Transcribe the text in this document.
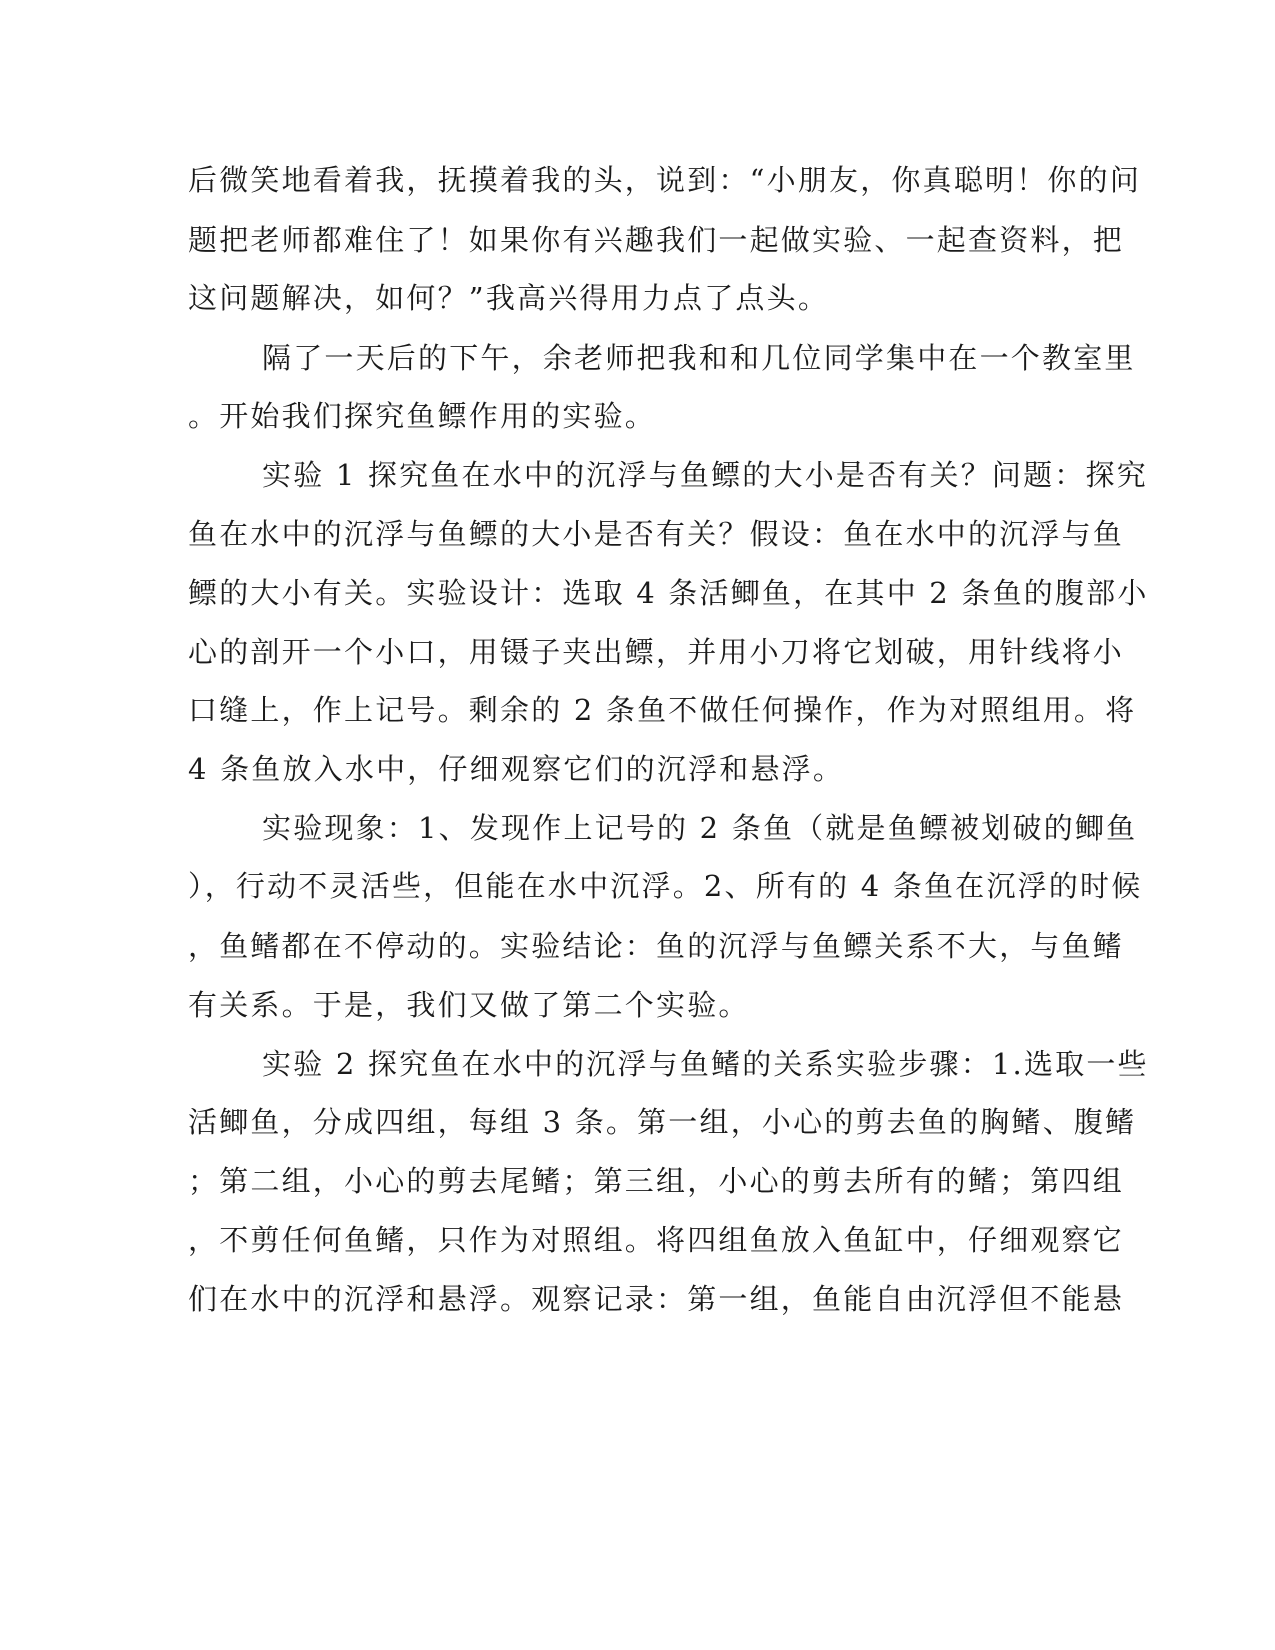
后微笑地看着我，抚摸着我的头，说到：“小朋友，你真聪明！你的问
题把老师都难住了！如果你有兴趣我们一起做实验、一起查资料，把
这问题解决，如何？”我高兴得用力点了点头。
隔了一天后的下午，余老师把我和和几位同学集中在一个教室里
。开始我们探究鱼鳔作用的实验。
实验 1 探究鱼在水中的沉浮与鱼鳔的大小是否有关？问题：探究
鱼在水中的沉浮与鱼鳔的大小是否有关？假设：鱼在水中的沉浮与鱼
鳔的大小有关。实验设计：选取 4 条活鲫鱼，在其中 2 条鱼的腹部小
心的剖开一个小口，用镊子夹出鳔，并用小刀将它划破，用针线将小
口缝上，作上记号。剩余的 2 条鱼不做任何操作，作为对照组用。将
4 条鱼放入水中，仔细观察它们的沉浮和悬浮。
实验现象：1、发现作上记号的 2 条鱼（就是鱼鳔被划破的鲫鱼
），行动不灵活些，但能在水中沉浮。2、所有的 4 条鱼在沉浮的时候
，鱼鳍都在不停动的。实验结论：鱼的沉浮与鱼鳔关系不大，与鱼鳍
有关系。于是，我们又做了第二个实验。
实验 2 探究鱼在水中的沉浮与鱼鳍的关系实验步骤：1.选取一些
活鲫鱼，分成四组，每组 3 条。第一组，小心的剪去鱼的胸鳍、腹鳍
；第二组，小心的剪去尾鳍；第三组，小心的剪去所有的鳍；第四组
，不剪任何鱼鳍，只作为对照组。将四组鱼放入鱼缸中，仔细观察它
们在水中的沉浮和悬浮。观察记录：第一组，鱼能自由沉浮但不能悬
